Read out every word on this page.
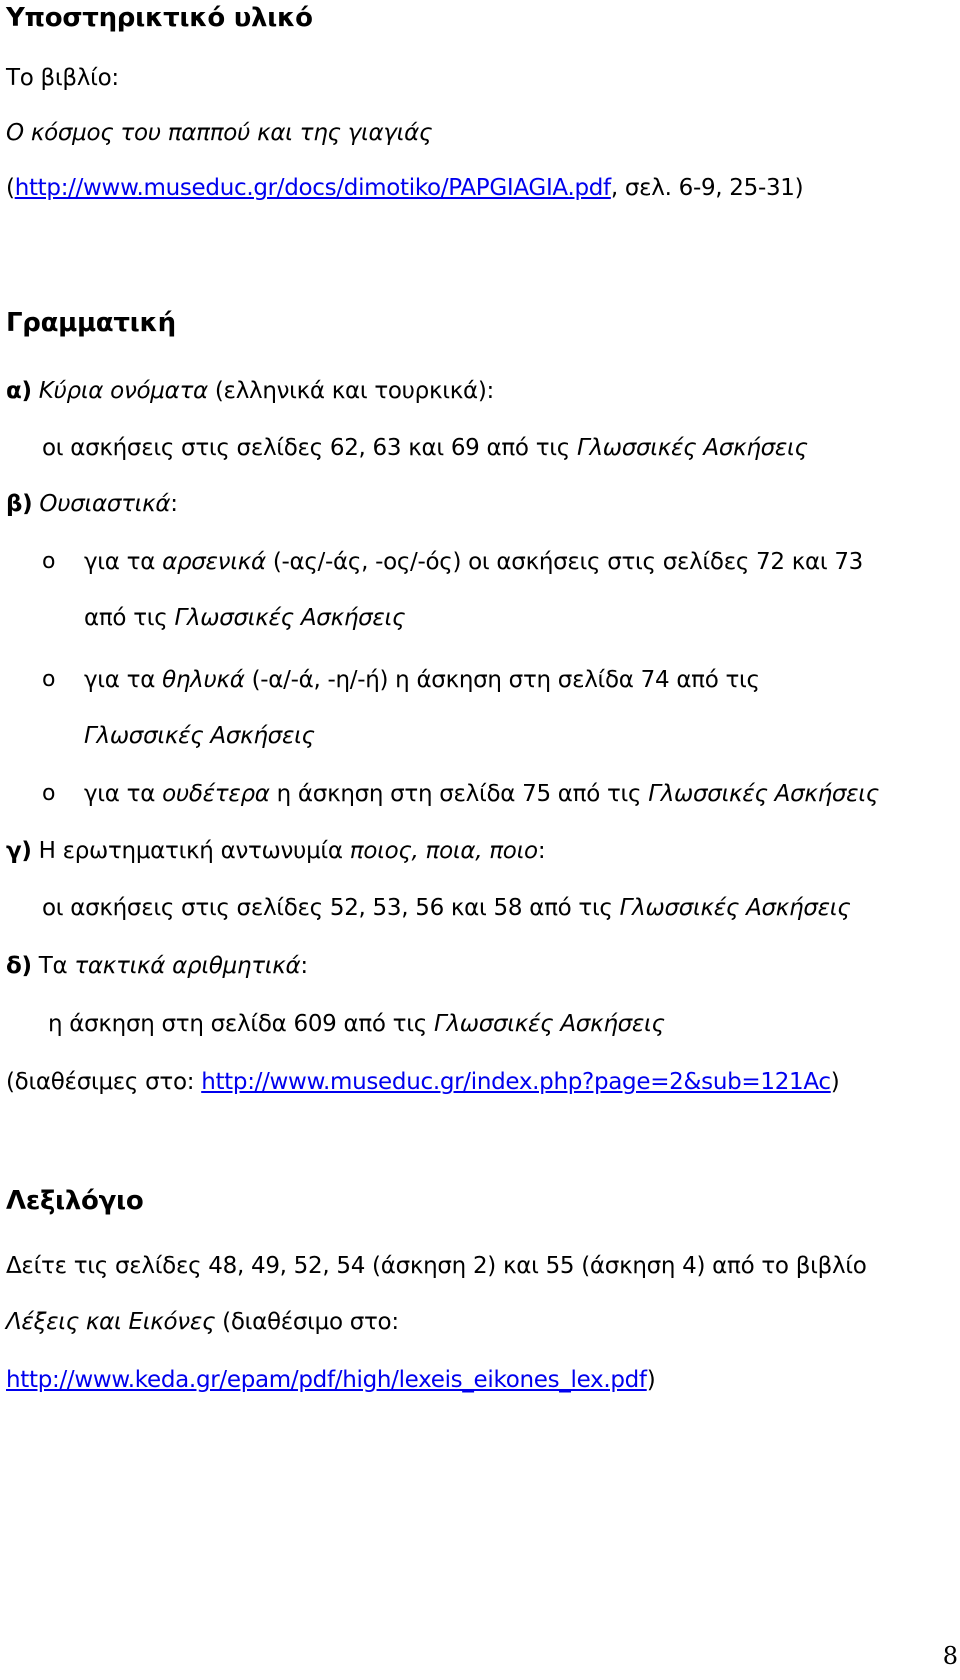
Υποστηρικτικό υλικό
Το βιβλίο:
Ο κόσμος του παππού και της γιαγιάς
(http://www.museduc.gr/docs/dimotiko/PAPGIAGIA.pdf, σελ. 6-9, 25-31)
Γραμματική
α) Κύρια ονόματα (ελληνικά και τουρκικά):
οι ασκήσεις στις σελίδες 62, 63 και 69 από τις Γλωσσικές Ασκήσεις
β) Ουσιαστικά:
o για τα αρσενικά (-ας/-άς, -ος/-ός) οι ασκήσεις στις σελίδες 72 και 73
από τις Γλωσσικές Ασκήσεις
o για τα θηλυκά (-α/-ά, -η/-ή) η άσκηση στη σελίδα 74 από τις
Γλωσσικές Ασκήσεις
o για τα ουδέτερα η άσκηση στη σελίδα 75 από τις Γλωσσικές Ασκήσεις
γ) Η ερωτηματική αντωνυμία ποιος, ποια, ποιο:
οι ασκήσεις στις σελίδες 52, 53, 56 και 58 από τις Γλωσσικές Ασκήσεις
δ) Τα τακτικά αριθμητικά:
η άσκηση στη σελίδα 609 από τις Γλωσσικές Ασκήσεις
(διαθέσιμες στο: http://www.museduc.gr/index.php?page=2&sub=121Ac)
Λεξιλόγιο
Δείτε τις σελίδες 48, 49, 52, 54 (άσκηση 2) και 55 (άσκηση 4) από το βιβλίο
Λέξεις και Εικόνες (διαθέσιμο στο:
http://www.keda.gr/epam/pdf/high/lexeis_eikones_lex.pdf)
8
